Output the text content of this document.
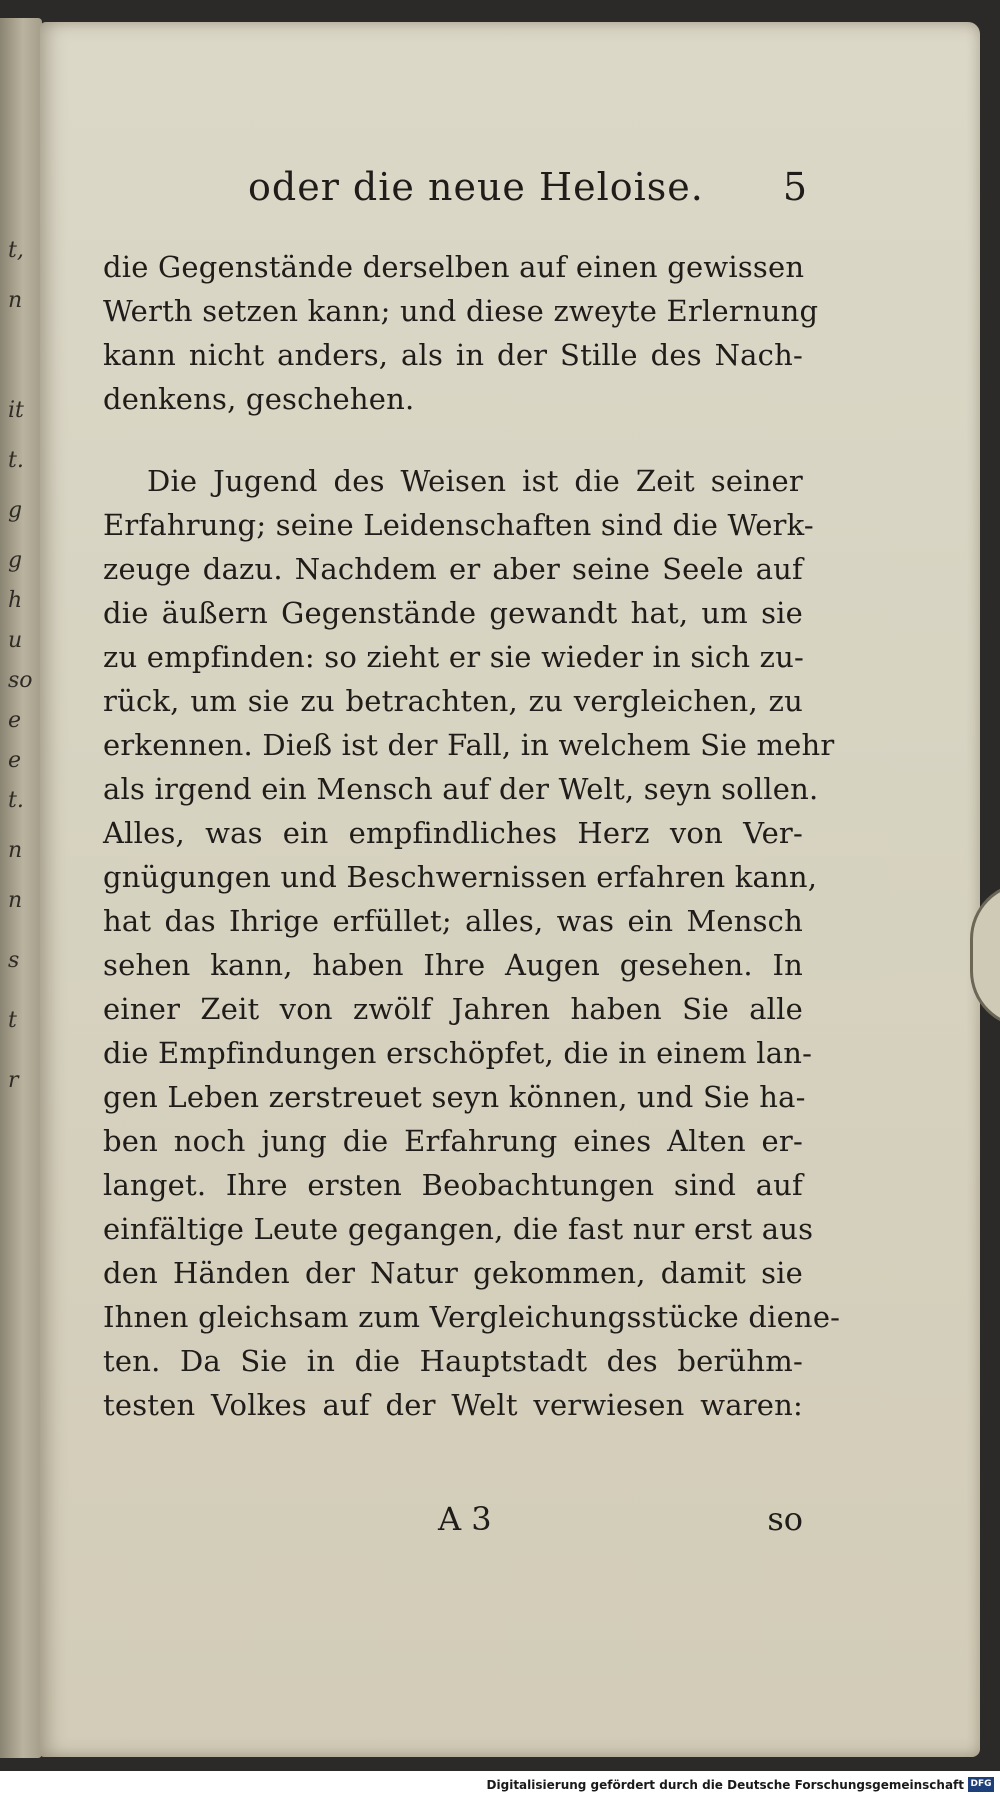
t,
n
it
t.
g
g
h
u
so
e
e
t.
n
n
s
t
r
oder die neue Heloise. 5
die Gegenstände derselben auf einen gewissen
Werth setzen kann; und diese zweyte Erlernung
kann nicht anders, als in der Stille des Nach-
denkens, geschehen.
Die Jugend des Weisen ist die Zeit seiner
Erfahrung; seine Leidenschaften sind die Werk-
zeuge dazu. Nachdem er aber seine Seele auf
die äußern Gegenstände gewandt hat, um sie
zu empfinden: so zieht er sie wieder in sich zu-
rück, um sie zu betrachten, zu vergleichen, zu
erkennen. Dieß ist der Fall, in welchem Sie mehr
als irgend ein Mensch auf der Welt, seyn sollen.
Alles, was ein empfindliches Herz von Ver-
gnügungen und Beschwernissen erfahren kann,
hat das Ihrige erfüllet; alles, was ein Mensch
sehen kann, haben Ihre Augen gesehen. In
einer Zeit von zwölf Jahren haben Sie alle
die Empfindungen erschöpfet, die in einem lan-
gen Leben zerstreuet seyn können, und Sie ha-
ben noch jung die Erfahrung eines Alten er-
langet. Ihre ersten Beobachtungen sind auf
einfältige Leute gegangen, die fast nur erst aus
den Händen der Natur gekommen, damit sie
Ihnen gleichsam zum Vergleichungsstücke diene-
ten. Da Sie in die Hauptstadt des berühm-
testen Volkes auf der Welt verwiesen waren:
A 3	so
Digitalisierung gefördert durch die Deutsche Forschungsgemeinschaft DFG
